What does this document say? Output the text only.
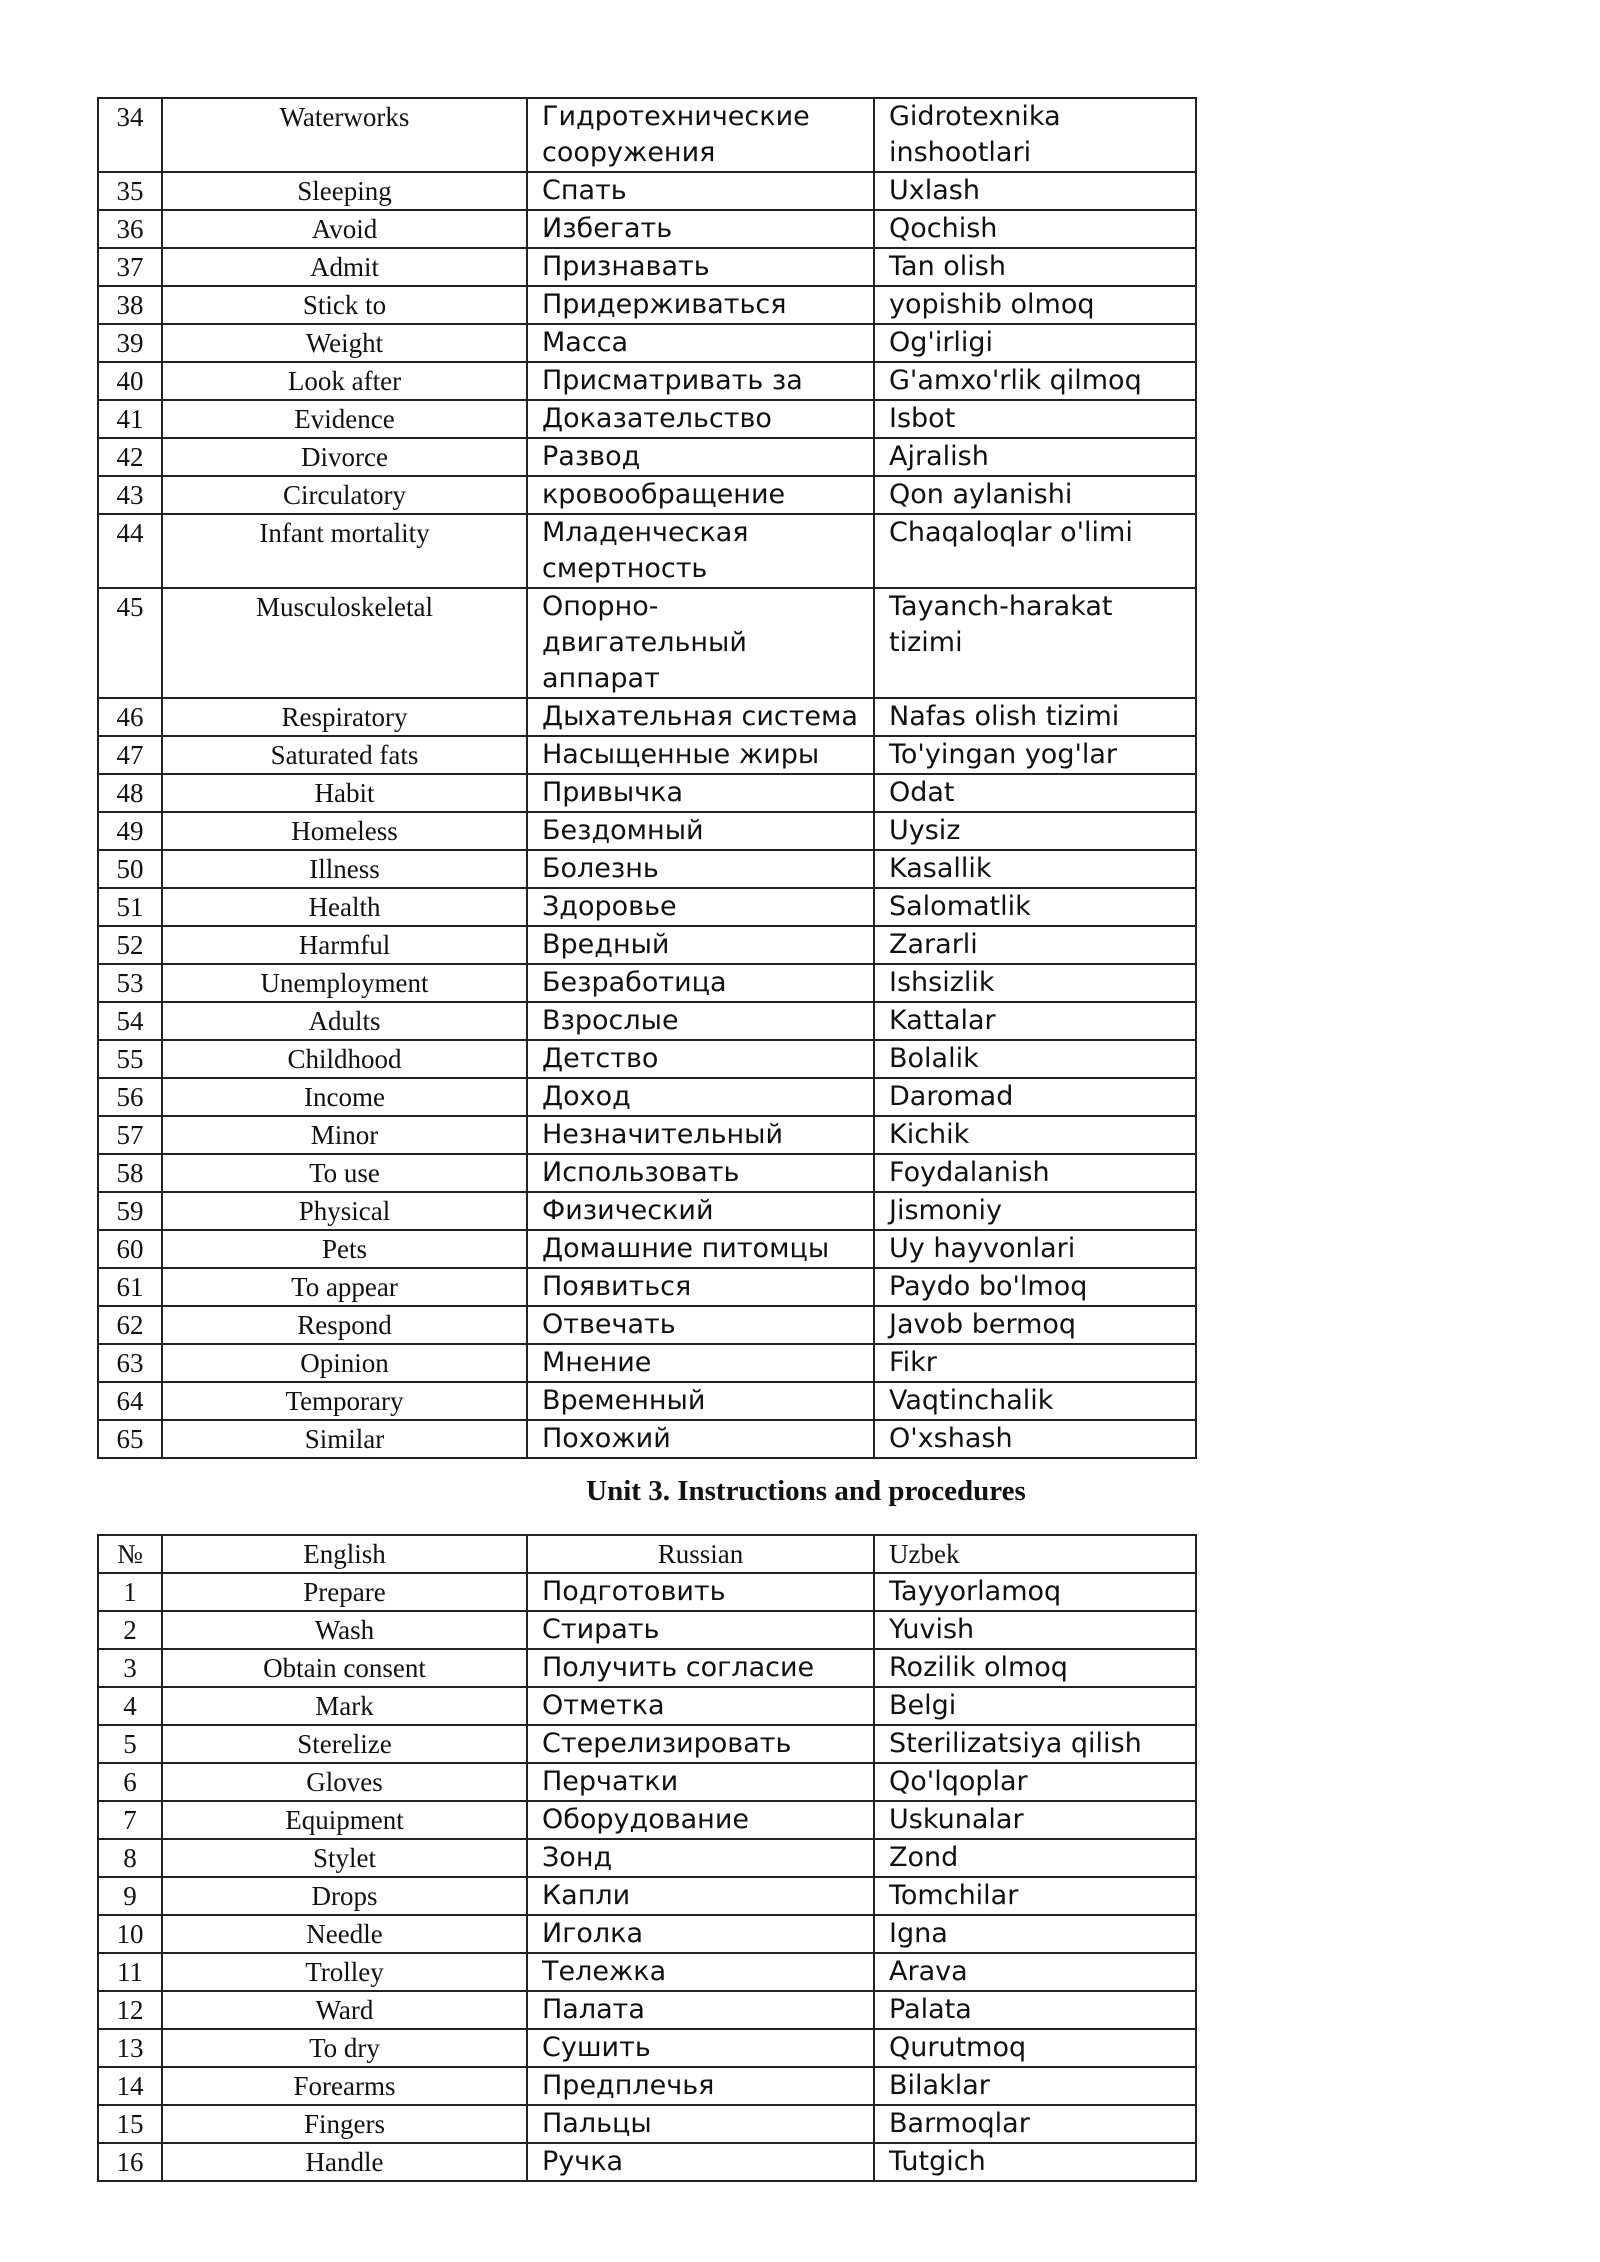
34	Waterworks	Гидротехнические сооружения	Gidrotexnika inshootlari
35	Sleeping	Спать	Uxlash
36	Avoid	Избегать	Qochish
37	Admit	Признавать	Tan olish
38	Stick to	Придерживаться	yopishib olmoq
39	Weight	Масса	Og'irligi
40	Look after	Присматривать за	G'amxo'rlik qilmoq
41	Evidence	Доказательство	Isbot
42	Divorce	Развод	Ajralish
43	Circulatory	кровообращение	Qon aylanishi
44	Infant mortality	Младенческая смертность	Chaqaloqlar o'limi
45	Musculoskeletal	Опорно-двигательный аппарат	Tayanch-harakat tizimi
46	Respiratory	Дыхательная система	Nafas olish tizimi
47	Saturated fats	Насыщенные жиры	To'yingan yog'lar
48	Habit	Привычка	Odat
49	Homeless	Бездомный	Uysiz
50	Illness	Болезнь	Kasallik
51	Health	Здоровье	Salomatlik
52	Harmful	Вредный	Zararli
53	Unemployment	Безработица	Ishsizlik
54	Adults	Взрослые	Kattalar
55	Childhood	Детство	Bolalik
56	Income	Доход	Daromad
57	Minor	Незначительный	Kichik
58	To use	Использовать	Foydalanish
59	Physical	Физический	Jismoniy
60	Pets	Домашние питомцы	Uy hayvonlari
61	To appear	Появиться	Paydo bo'lmoq
62	Respond	Отвечать	Javob bermoq
63	Opinion	Мнение	Fikr
64	Temporary	Временный	Vaqtinchalik
65	Similar	Похожий	O'xshash
Unit 3. Instructions and procedures
№	English	Russian	Uzbek
1	Prepare	Подготовить	Tayyorlamoq
2	Wash	Стирать	Yuvish
3	Obtain consent	Получить согласие	Rozilik olmoq
4	Mark	Отметка	Belgi
5	Sterelize	Стерелизировать	Sterilizatsiya qilish
6	Gloves	Перчатки	Qo'lqoplar
7	Equipment	Оборудование	Uskunalar
8	Stylet	Зонд	Zond
9	Drops	Капли	Tomchilar
10	Needle	Иголка	Igna
11	Trolley	Тележка	Arava
12	Ward	Палата	Palata
13	To dry	Сушить	Qurutmoq
14	Forearms	Предплечья	Bilaklar
15	Fingers	Пальцы	Barmoqlar
16	Handle	Ручка	Tutgich
